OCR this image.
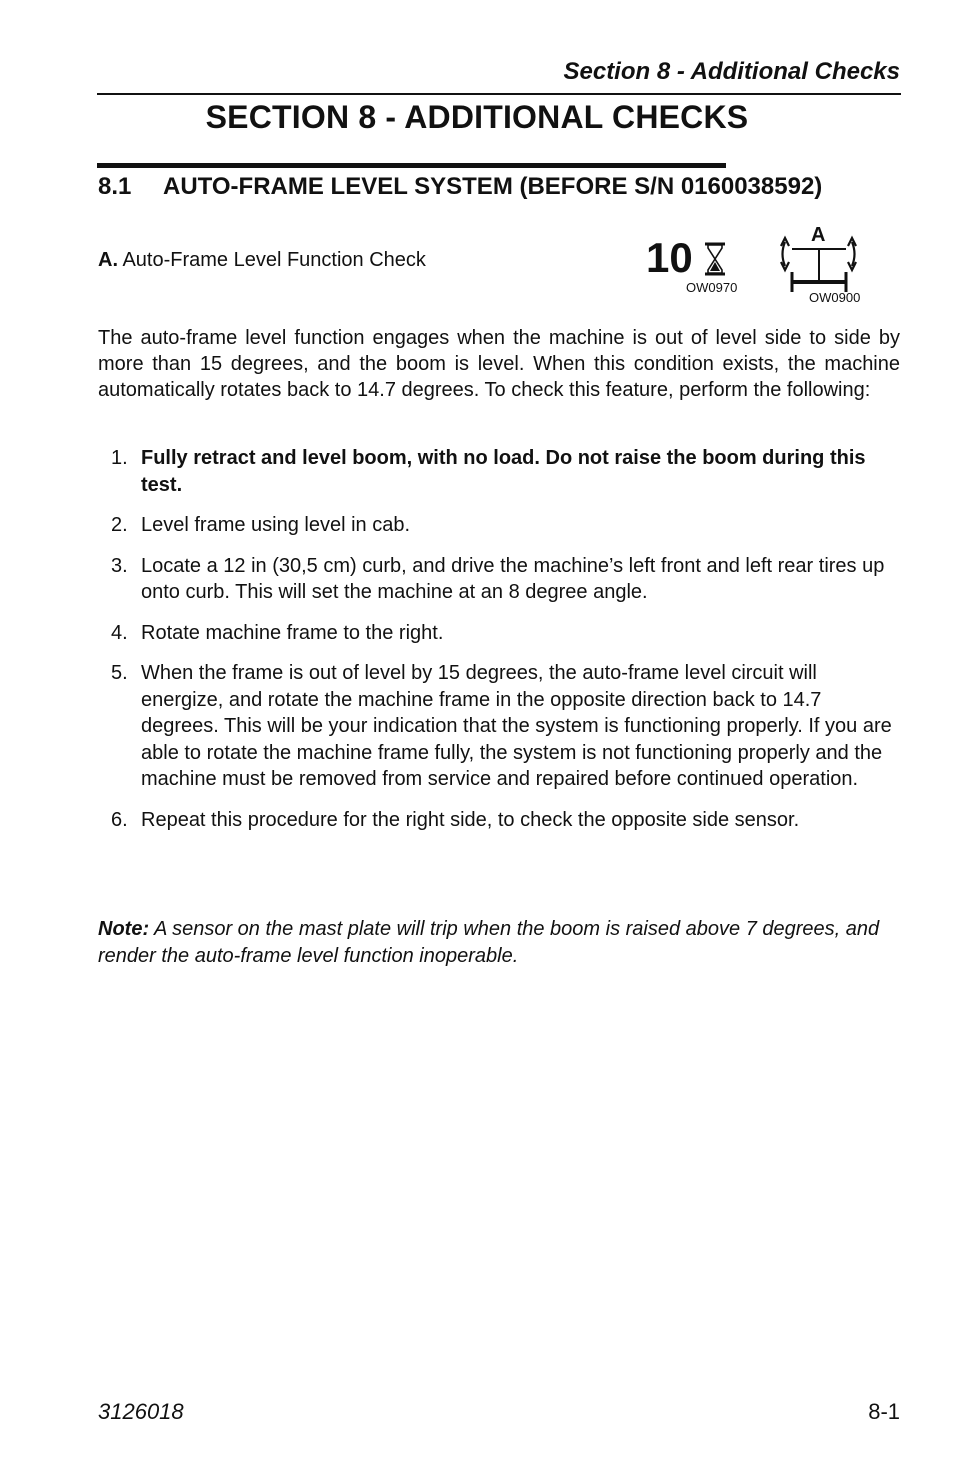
Section 8 - Additional Checks
SECTION 8 - ADDITIONAL CHECKS
8.1 AUTO-FRAME LEVEL SYSTEM (BEFORE S/N 0160038592)
A. Auto-Frame Level Function Check	10
OW0970
A
OW0900
The auto-frame level function engages when the machine is out of level side to side by more than 15 degrees, and the boom is level. When this condition exists, the machine automatically rotates back to 14.7 degrees. To check this feature, perform the following:
1. Fully retract and level boom, with no load. Do not raise the boom during this test.
2. Level frame using level in cab.
3. Locate a 12 in (30,5 cm) curb, and drive the machine’s left front and left rear tires up onto curb. This will set the machine at an 8 degree angle.
4. Rotate machine frame to the right.
5. When the frame is out of level by 15 degrees, the auto-frame level circuit will energize, and rotate the machine frame in the opposite direction back to 14.7 degrees. This will be your indication that the system is functioning properly. If you are able to rotate the machine frame fully, the system is not functioning properly and the machine must be removed from service and repaired before continued operation.
6. Repeat this procedure for the right side, to check the opposite side sensor.
Note: A sensor on the mast plate will trip when the boom is raised above 7 degrees, and render the auto-frame level function inoperable.
3126018	8-1
